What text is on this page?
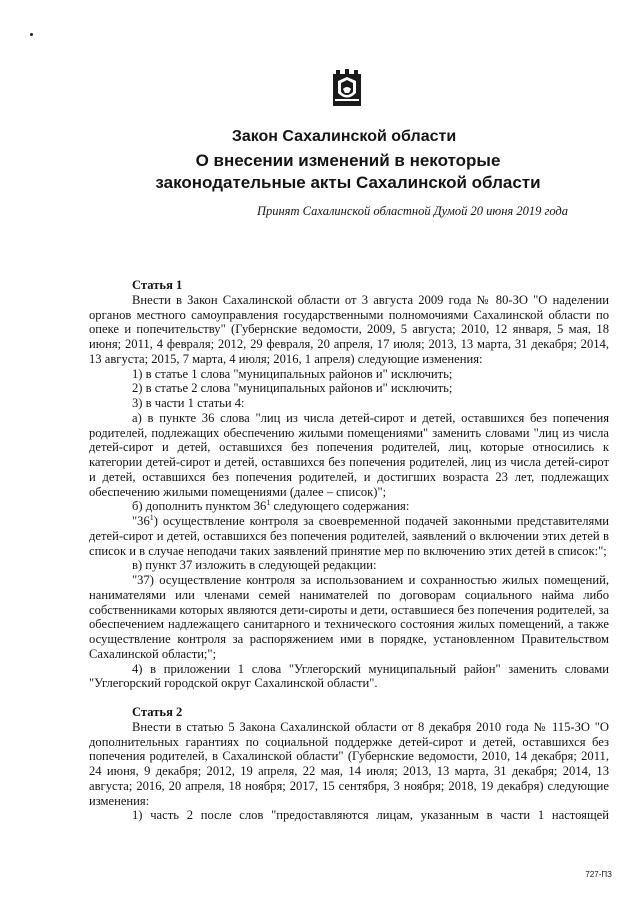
Закон Сахалинской области
О внесении изменений в некоторые
законодательные акты Сахалинской области
Принят Сахалинской областной Думой 20 июня 2019 года

Статья 1

Внести в Закон Сахалинской области от 3 августа 2009 года № 80-ЗО "О наделении органов местного самоуправления государственными полномочиями Сахалинской области по опеке и попечительству" (Губернские ведомости, 2009, 5 августа; 2010, 12 января, 5 мая, 18 июня; 2011, 4 февраля; 2012, 29 февраля, 20 апреля, 17 июля; 2013, 13 марта, 31 декабря; 2014, 13 августа; 2015, 7 марта, 4 июля; 2016, 1 апреля) следующие изменения:

1) в статье 1 слова "муниципальных районов и" исключить;

2) в статье 2 слова "муниципальных районов и" исключить;

3) в части 1 статьи 4:

а) в пункте 36 слова "лиц из числа детей-сирот и детей, оставшихся без попечения родителей, подлежащих обеспечению жилыми помещениями" заменить словами "лиц из числа детей-сирот и детей, оставшихся без попечения родителей, лиц, которые относились к категории детей-сирот и детей, оставшихся без попечения родителей, лиц из числа детей-сирот и детей, оставшихся без попечения родителей, и достигших возраста 23 лет, подлежащих обеспечению жилыми помещениями (далее – список)";

б) дополнить пунктом $36^1$ следующего содержания:

"$36^1$) осуществление контроля за своевременной подачей законными представителями детей-сирот и детей, оставшихся без попечения родителей, заявлений о включении этих детей в список и в случае неподачи таких заявлений принятие мер по включению этих детей в список:";

в) пункт 37 изложить в следующей редакции:

"37) осуществление контроля за использованием и сохранностью жилых помещений, нанимателями или членами семей нанимателей по договорам социального найма либо собственниками которых являются дети-сироты и дети, оставшиеся без попечения родителей, за обеспечением надлежащего санитарного и технического состояния жилых помещений, а также осуществление контроля за распоряжением ими в порядке, установленном Правительством Сахалинской области;";

4) в приложении 1 слова "Углегорский муниципальный район" заменить словами "Углегорский городской округ Сахалинской области".

Статья 2

Внести в статью 5 Закона Сахалинской области от 8 декабря 2010 года № 115-ЗО "О дополнительных гарантиях по социальной поддержке детей-сирот и детей, оставшихся без попечения родителей, в Сахалинской области" (Губернские ведомости, 2010, 14 декабря; 2011, 24 июня, 9 декабря; 2012, 19 апреля, 22 мая, 14 июля; 2013, 13 марта, 31 декабря; 2014, 13 августа; 2016, 20 апреля, 18 ноября; 2017, 15 сентября, 3 ноября; 2018, 19 декабря) следующие изменения:

1) часть 2 после слов "предоставляются лицам, указанным в части 1 настоящей

727-ПЗ
